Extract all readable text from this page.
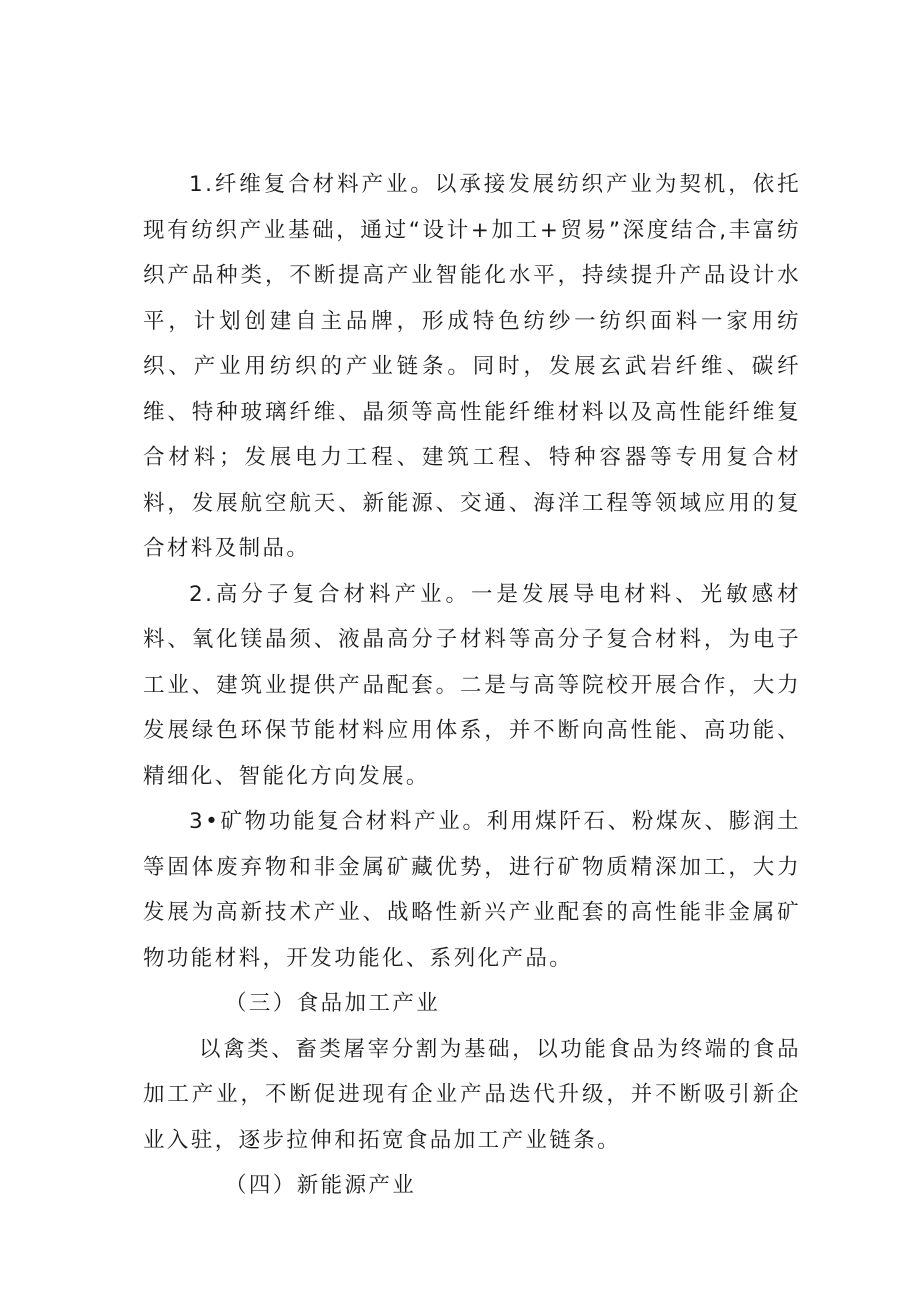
1.纤维复合材料产业。以承接发展纺织产业为契机，依托现有纺织产业基础，通过“设计+加工+贸易”深度结合,丰富纺织产品种类，不断提高产业智能化水平，持续提升产品设计水平，计划创建自主品牌，形成特色纺纱一纺织面料一家用纺织、产业用纺织的产业链条。同时，发展玄武岩纤维、碳纤维、特种玻璃纤维、晶须等高性能纤维材料以及高性能纤维复合材料；发展电力工程、建筑工程、特种容器等专用复合材料，发展航空航天、新能源、交通、海洋工程等领域应用的复合材料及制品。

2.高分子复合材料产业。一是发展导电材料、光敏感材料、氧化镁晶须、液晶高分子材料等高分子复合材料，为电子工业、建筑业提供产品配套。二是与高等院校开展合作，大力发展绿色环保节能材料应用体系，并不断向高性能、高功能、精细化、智能化方向发展。

3•矿物功能复合材料产业。利用煤阡石、粉煤灰、膨润土等固体废弃物和非金属矿藏优势，进行矿物质精深加工，大力发展为高新技术产业、战略性新兴产业配套的高性能非金属矿物功能材料，开发功能化、系列化产品。

（三）食品加工产业

以禽类、畜类屠宰分割为基础，以功能食品为终端的食品加工产业，不断促进现有企业产品迭代升级，并不断吸引新企业入驻，逐步拉伸和拓宽食品加工产业链条。

（四）新能源产业
